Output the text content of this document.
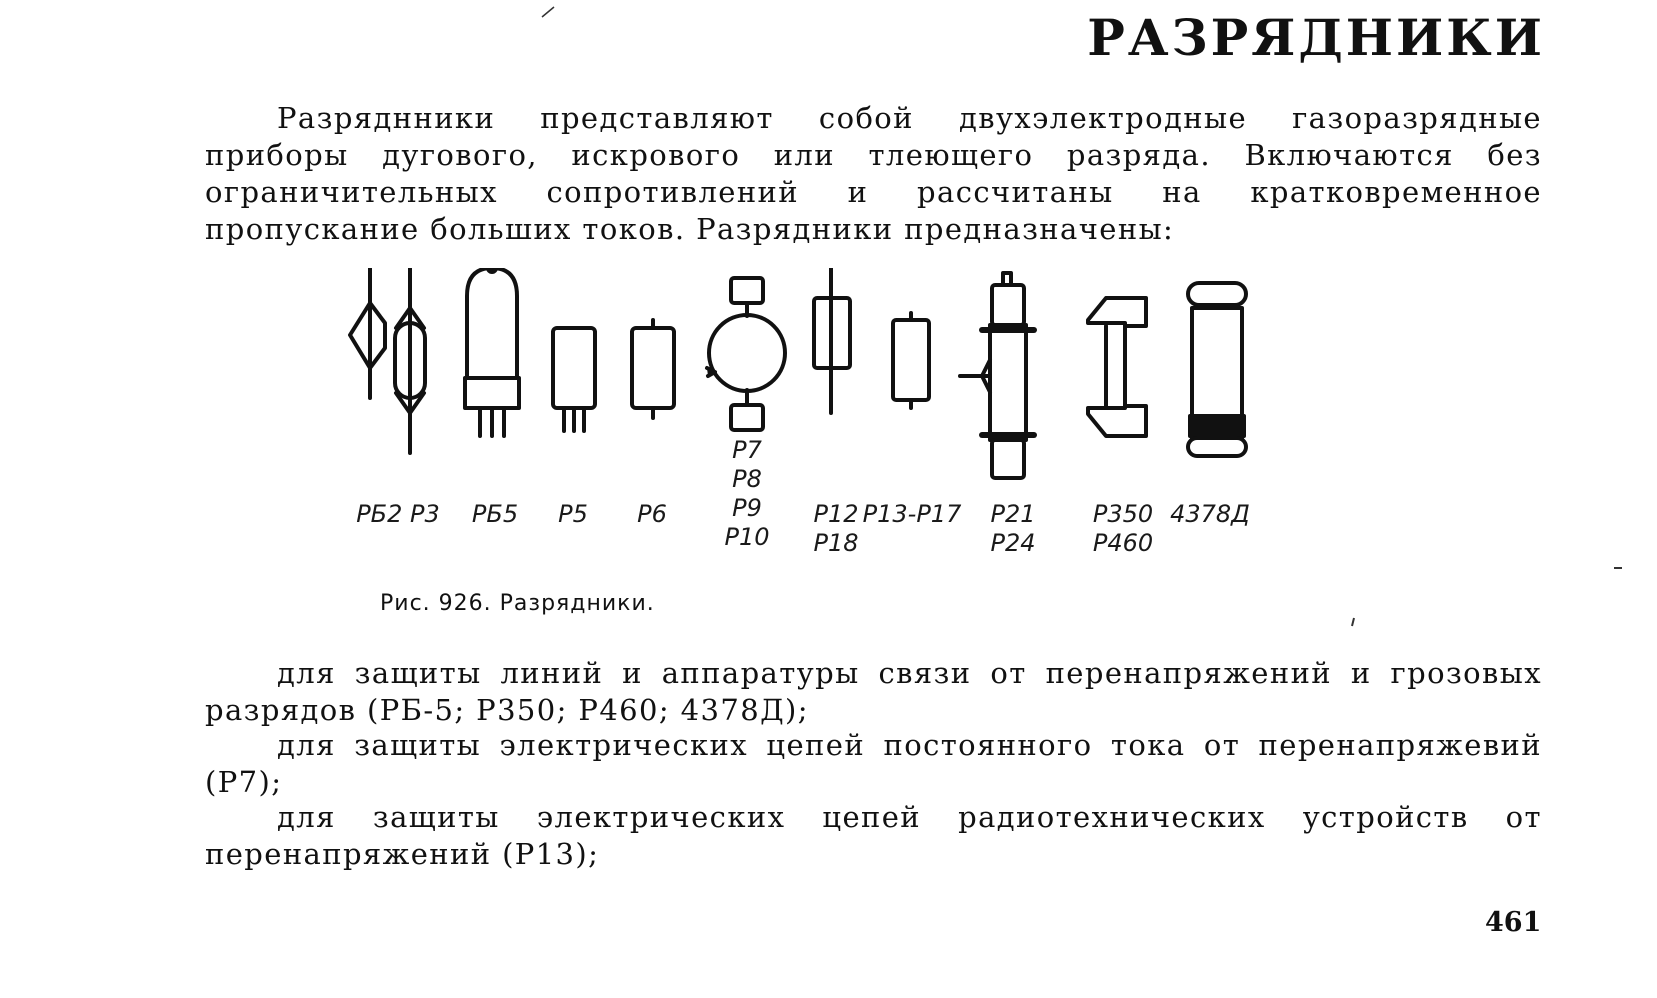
РАЗРЯДНИКИ

Разряднники представляют собой двухэлектродные газоразрядные приборы дугового, искрового или тлеющего разряда. Включаются без ограничительных сопротивлений и рассчитаны на кратковременное пропускание больших токов. Разрядники предназначены:

РБ2 Р3 РБ5 Р5 Р6
Р7
Р8
Р9
Р10
Р12
Р18
Р13-Р17 Р21
Р24
Р350
Р460
4378Д

Рис. 926. Разрядники.

для защиты линий и аппаратуры связи от перенапряжений и грозовых разрядов (РБ-5; Р350; Р460; 4378Д);

для защиты электрических цепей постоянного тока от перенапряжевий (Р7);

для защиты электрических цепей радиотехнических устройств от перенапряжений (Р13);

461
